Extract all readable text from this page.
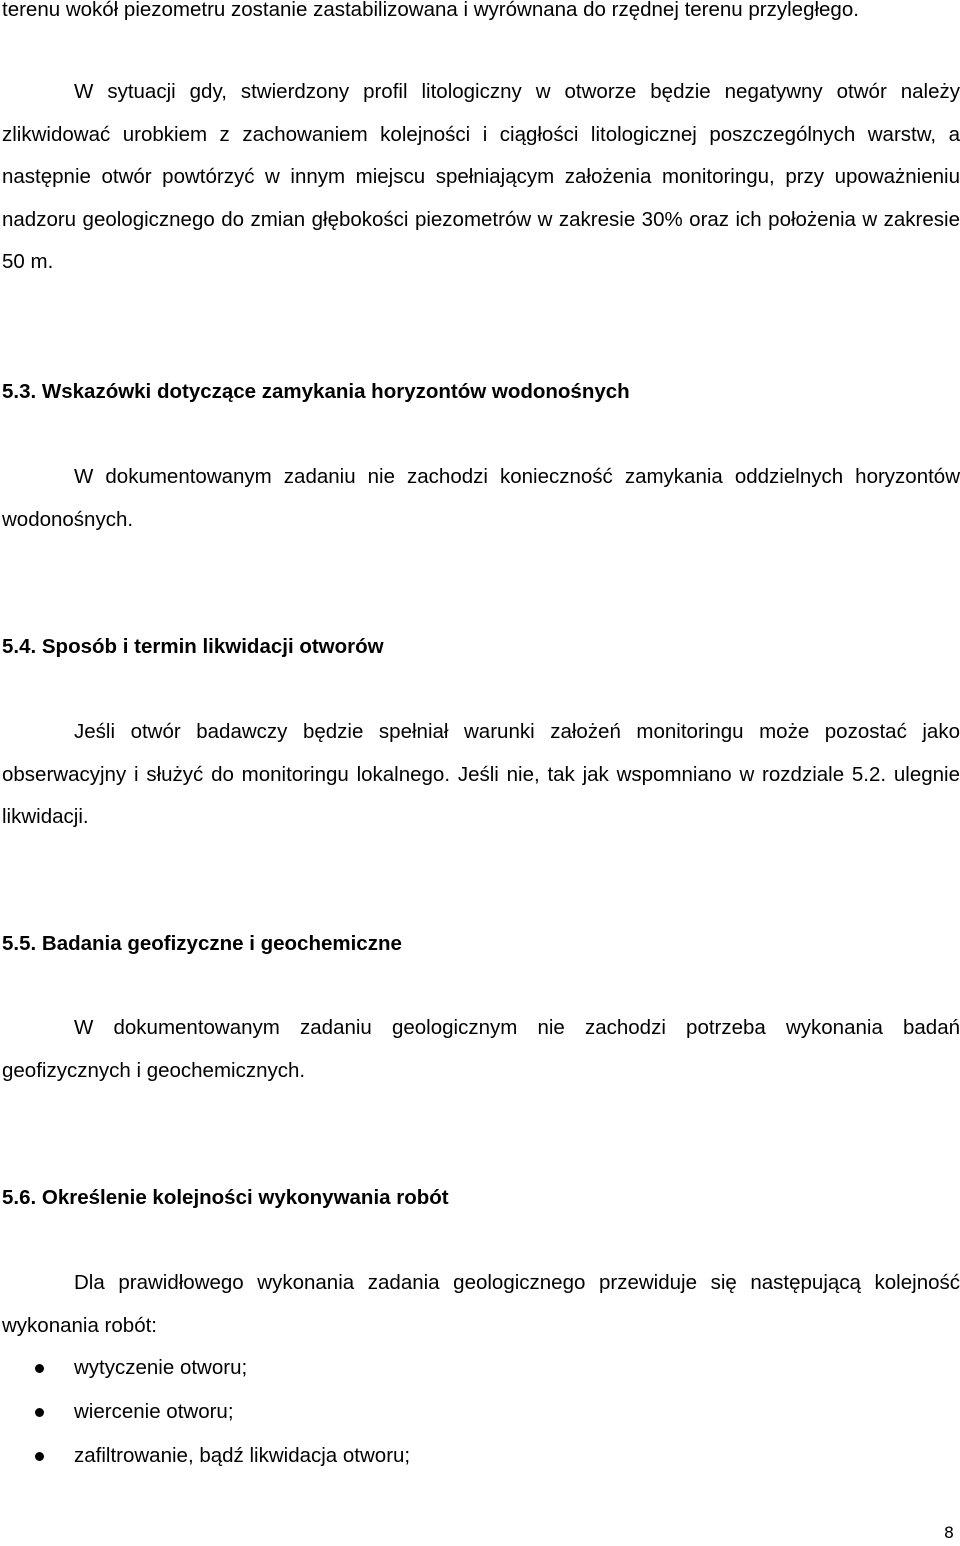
terenu wokół piezometru zostanie zastabilizowana i wyrównana do rzędnej terenu przyległego.

W sytuacji gdy, stwierdzony profil litologiczny w otworze będzie negatywny otwór należy zlikwidować urobkiem z zachowaniem kolejności i ciągłości litologicznej poszczególnych warstw, a następnie otwór powtórzyć w innym miejscu spełniającym założenia monitoringu, przy upoważnieniu nadzoru geologicznego do zmian głębokości piezometrów w zakresie 30% oraz ich położenia w zakresie 50 m.

5.3. Wskazówki dotyczące zamykania horyzontów wodonośnych

W dokumentowanym zadaniu nie zachodzi konieczność zamykania oddzielnych horyzontów wodonośnych.

5.4. Sposób i termin likwidacji otworów

Jeśli otwór badawczy będzie spełniał warunki założeń monitoringu może pozostać jako obserwacyjny i służyć do monitoringu lokalnego. Jeśli nie, tak jak wspomniano w rozdziale 5.2. ulegnie likwidacji.

5.5. Badania geofizyczne i geochemiczne

W dokumentowanym zadaniu geologicznym nie zachodzi potrzeba wykonania badań geofizycznych i geochemicznych.

5.6. Określenie kolejności wykonywania robót

Dla prawidłowego wykonania zadania geologicznego przewiduje się następującą kolejność wykonania robót:

wytyczenie otworu;
wiercenie otworu;
zafiltrowanie, bądź likwidacja otworu;
8
